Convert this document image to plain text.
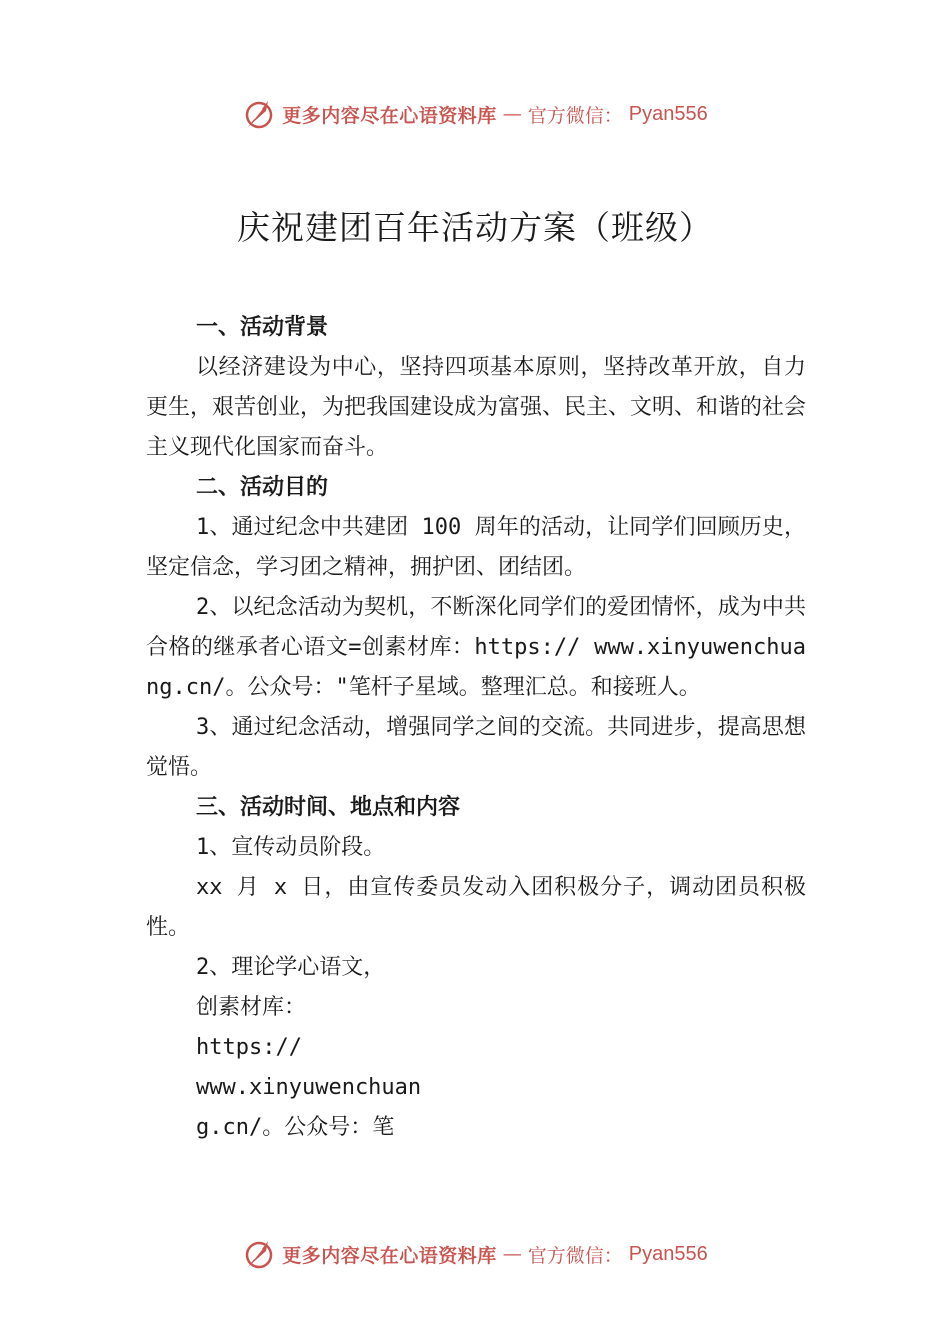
更多内容尽在心语资料库 — 官方微信： Pyan556
庆祝建团百年活动方案（班级）

一、活动背景

以经济建设为中心，坚持四项基本原则，坚持改革开放，自力更生，艰苦创业，为把我国建设成为富强、民主、文明、和谐的社会主义现代化国家而奋斗。

二、活动目的

1、通过纪念中共建团 100 周年的活动，让同学们回顾历史，坚定信念，学习团之精神，拥护团、团结团。

2、以纪念活动为契机，不断深化同学们的爱团情怀，成为中共合格的继承者心语文=创素材库：https:// www.xinyuwenchuang.cn/。公众号："笔杆子星域。整理汇总。和接班人。

3、通过纪念活动，增强同学之间的交流。共同进步，提高思想觉悟。

三、活动时间、地点和内容

1、宣传动员阶段。

xx 月 x 日，由宣传委员发动入团积极分子，调动团员积极性。

2、理论学心语文，

创素材库：

https://

www.xinyuwenchuan

g.cn/。公众号：笔

更多内容尽在心语资料库 — 官方微信： Pyan556
